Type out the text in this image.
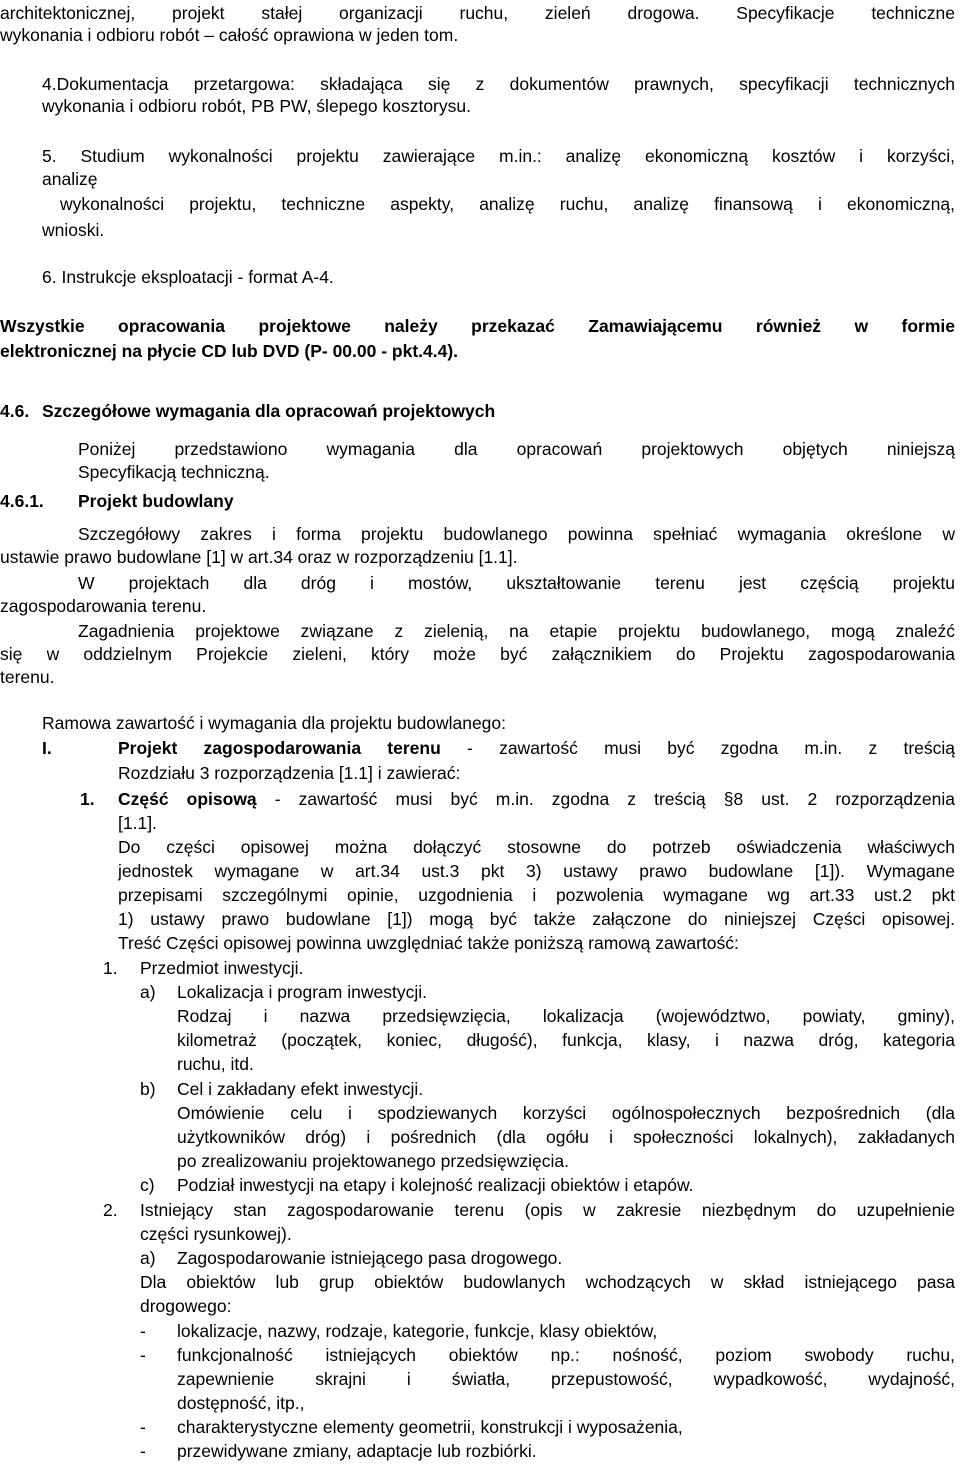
architektonicznej, projekt stałej organizacji ruchu, zieleń drogowa. Specyfikacje techniczne
wykonania i odbioru robót – całość oprawiona w jeden tom.
4.Dokumentacja przetargowa: składająca się z dokumentów prawnych, specyfikacji technicznych
wykonania i odbioru robót, PB PW, ślepego kosztorysu.
5. Studium wykonalności projektu zawierające m.in.: analizę ekonomiczną kosztów i korzyści,
analizę
wykonalności projektu, techniczne aspekty, analizę ruchu, analizę finansową i ekonomiczną,
wnioski.
6. Instrukcje eksploatacji - format A-4.
Wszystkie opracowania projektowe należy przekazać Zamawiającemu również w formie
elektronicznej na płycie CD lub DVD (P- 00.00 - pkt.4.4).
4.6. Szczegółowe wymagania dla opracowań projektowych
Poniżej przedstawiono wymagania dla opracowań projektowych objętych niniejszą
Specyfikacją techniczną.
4.6.1. Projekt budowlany
Szczegółowy zakres i forma projektu budowlanego powinna spełniać wymagania określone w
ustawie prawo budowlane [1] w art.34 oraz w rozporządzeniu [1.1].
W projektach dla dróg i mostów, ukształtowanie terenu jest częścią projektu
zagospodarowania terenu.
Zagadnienia projektowe związane z zielenią, na etapie projektu budowlanego, mogą znaleźć
się w oddzielnym Projekcie zieleni, który może być załącznikiem do Projektu zagospodarowania
terenu.
Ramowa zawartość i wymagania dla projektu budowlanego:
I.	Projekt zagospodarowania terenu - zawartość musi być zgodna m.in. z treścią
Rozdziału 3 rozporządzenia [1.1] i zawierać:
1. Część opisową - zawartość musi być m.in. zgodna z treścią §8 ust. 2 rozporządzenia
[1.1].
Do części opisowej można dołączyć stosowne do potrzeb oświadczenia właściwych
jednostek wymagane w art.34 ust.3 pkt 3) ustawy prawo budowlane [1]). Wymagane
przepisami szczególnymi opinie, uzgodnienia i pozwolenia wymagane wg art.33 ust.2 pkt
1) ustawy prawo budowlane [1]) mogą być także załączone do niniejszej Części opisowej.
Treść Części opisowej powinna uwzględniać także poniższą ramową zawartość:
1. Przedmiot inwestycji.
a) Lokalizacja i program inwestycji.
Rodzaj i nazwa przedsięwzięcia, lokalizacja (województwo, powiaty, gminy),
kilometraż (początek, koniec, długość), funkcja, klasy, i nazwa dróg, kategoria
ruchu, itd.
b) Cel i zakładany efekt inwestycji.
Omówienie celu i spodziewanych korzyści ogólnospołecznych bezpośrednich (dla
użytkowników dróg) i pośrednich (dla ogółu i społeczności lokalnych), zakładanych
po zrealizowaniu projektowanego przedsięwzięcia.
c) Podział inwestycji na etapy i kolejność realizacji obiektów i etapów.
2. Istniejący stan zagospodarowanie terenu (opis w zakresie niezbędnym do uzupełnienie
części rysunkowej).
a) Zagospodarowanie istniejącego pasa drogowego.
Dla obiektów lub grup obiektów budowlanych wchodzących w skład istniejącego pasa
drogowego:
- lokalizacje, nazwy, rodzaje, kategorie, funkcje, klasy obiektów,
- funkcjonalność istniejących obiektów np.: nośność, poziom swobody ruchu,
zapewnienie skrajni i światła, przepustowość, wypadkowość, wydajność,
dostępność, itp.,
- charakterystyczne elementy geometrii, konstrukcji i wyposażenia,
- przewidywane zmiany, adaptacje lub rozbiórki.
